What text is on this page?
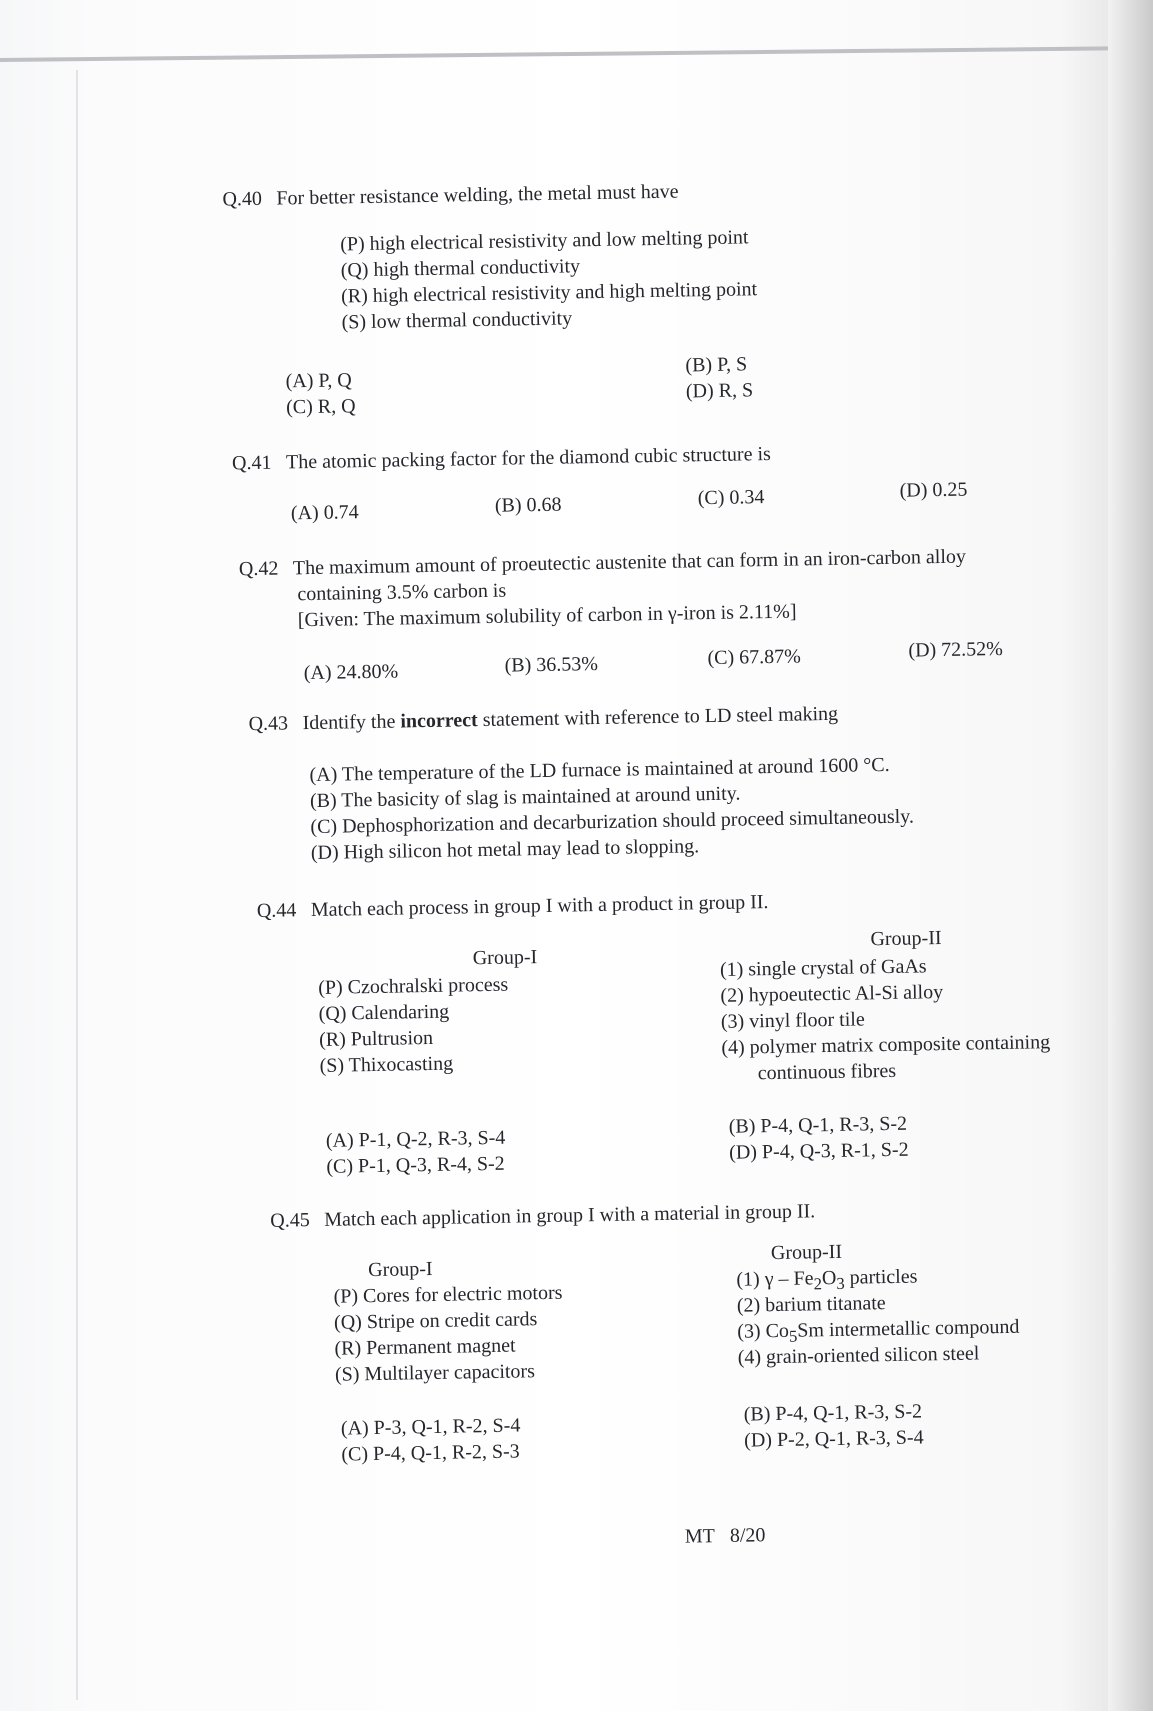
Q.40 For better resistance welding, the metal must have
(P) high electrical resistivity and low melting point
(Q) high thermal conductivity
(R) high electrical resistivity and high melting point
(S) low thermal conductivity
(A) P, Q
(B) P, S
(C) R, Q
(D) R, S
Q.41 The atomic packing factor for the diamond cubic structure is
(A) 0.74	(B) 0.68	(C) 0.34	(D) 0.25
Q.42 The maximum amount of proeutectic austenite that can form in an iron-carbon alloy
containing 3.5% carbon is
[Given: The maximum solubility of carbon in γ-iron is 2.11%]
(A) 24.80%	(B) 36.53%	(C) 67.87%	(D) 72.52%
Q.43 Identify the incorrect statement with reference to LD steel making
(A) The temperature of the LD furnace is maintained at around 1600 °C.
(B) The basicity of slag is maintained at around unity.
(C) Dephosphorization and decarburization should proceed simultaneously.
(D) High silicon hot metal may lead to slopping.
Q.44 Match each process in group I with a product in group II.
Group-I
Group-II
(P) Czochralski process
(Q) Calendaring
(R) Pultrusion
(S) Thixocasting
(1) single crystal of GaAs
(2) hypoeutectic Al-Si alloy
(3) vinyl floor tile
(4) polymer matrix composite containing
continuous fibres
(A) P-1, Q-2, R-3, S-4
(B) P-4, Q-1, R-3, S-2
(C) P-1, Q-3, R-4, S-2
(D) P-4, Q-3, R-1, S-2
Q.45 Match each application in group I with a material in group II.
Group-I
Group-II
(P) Cores for electric motors
(Q) Stripe on credit cards
(R) Permanent magnet
(S) Multilayer capacitors
(1) γ – $Fe_2O_3$ particles
(2) barium titanate
(3) $Co_5Sm$ intermetallic compound
(4) grain-oriented silicon steel
(A) P-3, Q-1, R-2, S-4
(B) P-4, Q-1, R-3, S-2
(C) P-4, Q-1, R-2, S-3
(D) P-2, Q-1, R-3, S-4
MT 8/20
